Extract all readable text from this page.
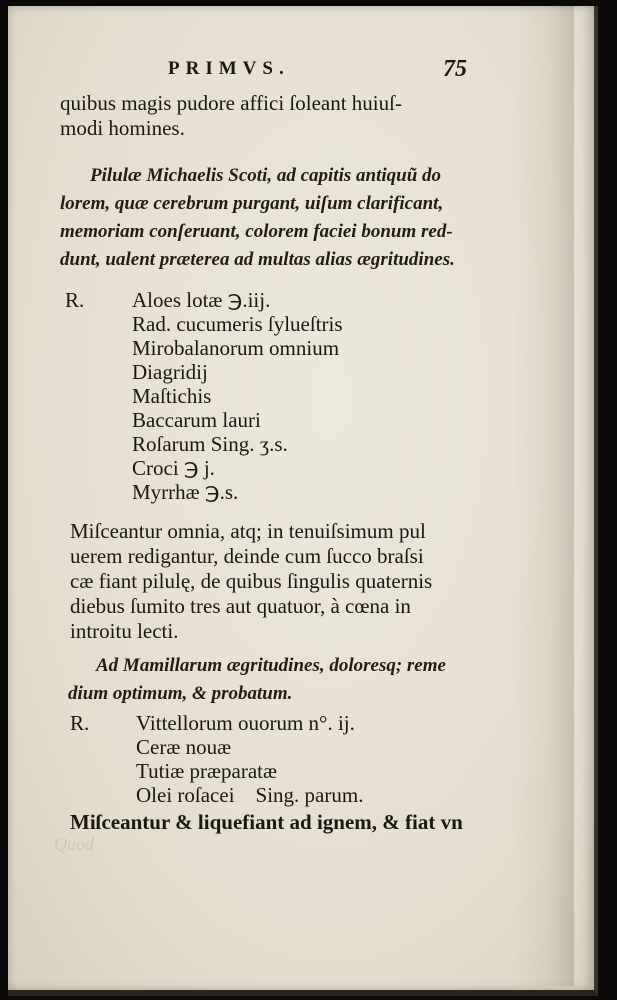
PRIMVS.	75
quibus magis pudore affici ſoleant huiuſ-
modi homines.
Pilulæ Michaelis Scoti, ad capitis antiquũ do
lorem, quæ cerebrum purgant, uiſum clarificant,
memoriam conſeruant, colorem faciei bonum red-
dunt, ualent præterea ad multas alias ægritudines.
R. Aloes lotæ ℈.iij.
Rad. cucumeris ſylueſtris
Mirobalanorum omnium
Diagridij
Maſtichis
Baccarum lauri
Roſarum Sing. ʒ.s.
Croci ℈ j.
Myrrhæ ℈.s.
Miſceantur omnia, atq; in tenuiſsimum pul
uerem redigantur, deinde cum ſucco braſsi
cæ fiant pilulę, de quibus ſingulis quaternis
diebus ſumito tres aut quatuor, à cœna in
introitu lecti.
Ad Mamillarum ægritudines, doloresq; reme
dium optimum, & probatum.
R. Vittellorum ouorum n°. ij.
Ceræ nouæ
Tutiæ præparatæ
Olei roſacei    Sing. parum.
Miſceantur & liquefiant ad ignem, & fiat vn
Quod
